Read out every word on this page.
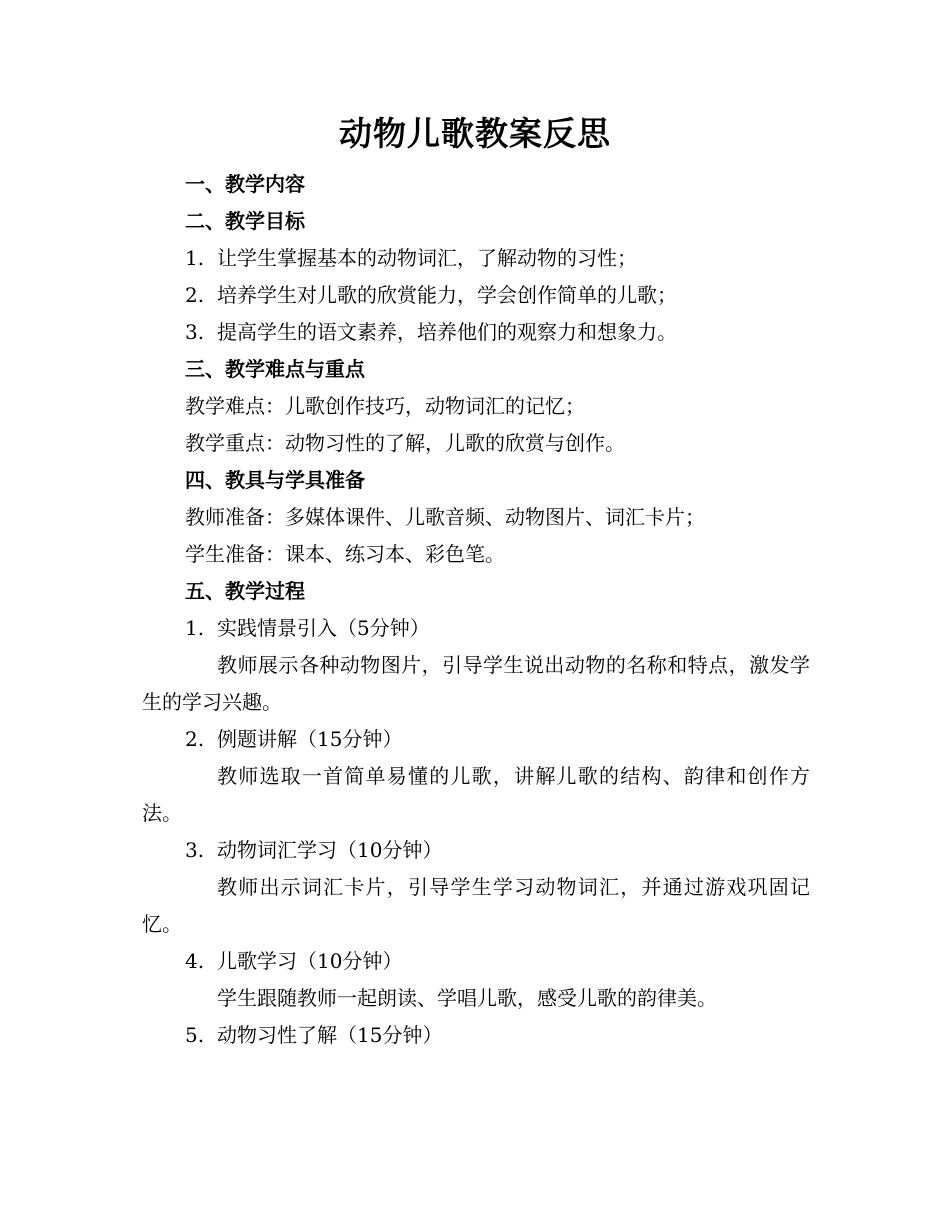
动物儿歌教案反思
一、教学内容
二、教学目标
1. 让学生掌握基本的动物词汇，了解动物的习性；
2. 培养学生对儿歌的欣赏能力，学会创作简单的儿歌；
3. 提高学生的语文素养，培养他们的观察力和想象力。
三、教学难点与重点
教学难点：儿歌创作技巧，动物词汇的记忆；
教学重点：动物习性的了解，儿歌的欣赏与创作。
四、教具与学具准备
教师准备：多媒体课件、儿歌音频、动物图片、词汇卡片；
学生准备：课本、练习本、彩色笔。
五、教学过程
1. 实践情景引入（5分钟）
教师展示各种动物图片，引导学生说出动物的名称和特点，激发学生的学习兴趣。
2. 例题讲解（15分钟）
教师选取一首简单易懂的儿歌，讲解儿歌的结构、韵律和创作方法。
3. 动物词汇学习（10分钟）
教师出示词汇卡片，引导学生学习动物词汇，并通过游戏巩固记忆。
4. 儿歌学习（10分钟）
学生跟随教师一起朗读、学唱儿歌，感受儿歌的韵律美。
5. 动物习性了解（15分钟）
